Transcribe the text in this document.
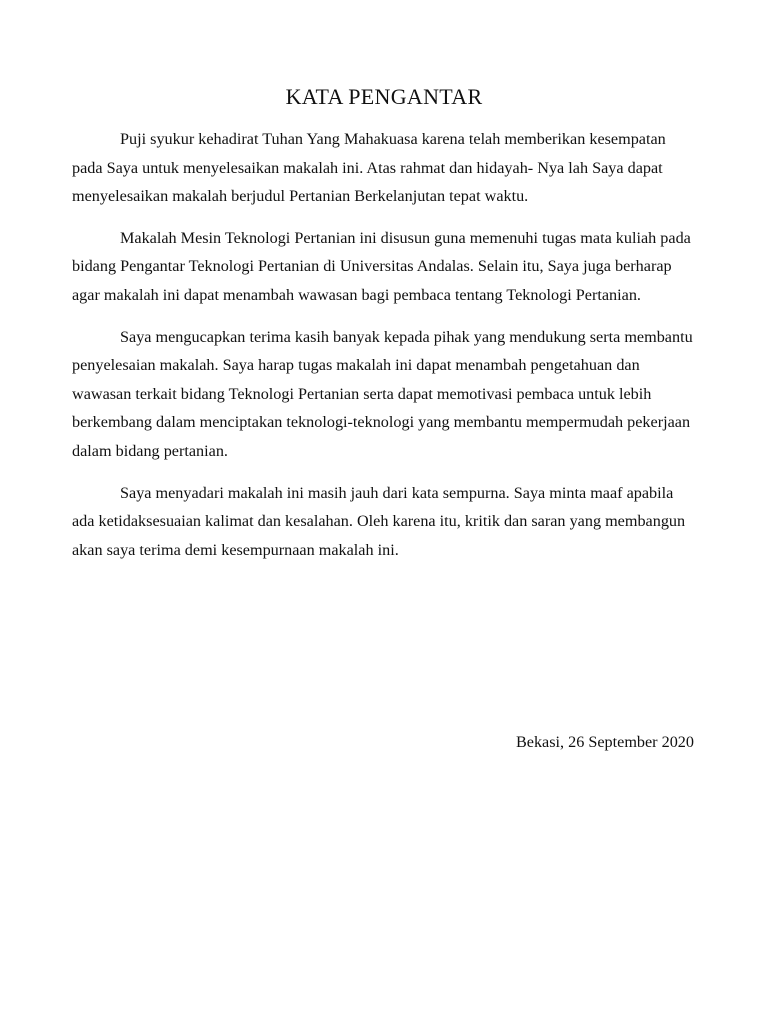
KATA PENGANTAR

Puji syukur kehadirat Tuhan Yang Mahakuasa karena telah memberikan kesempatan pada Saya untuk menyelesaikan makalah ini. Atas rahmat dan hidayah- Nya lah Saya dapat menyelesaikan makalah berjudul Pertanian Berkelanjutan tepat waktu.

Makalah Mesin Teknologi Pertanian ini disusun guna memenuhi tugas mata kuliah pada bidang Pengantar Teknologi Pertanian di Universitas Andalas. Selain itu, Saya juga berharap agar makalah ini dapat menambah wawasan bagi pembaca tentang Teknologi Pertanian.

Saya mengucapkan terima kasih banyak kepada pihak yang mendukung serta membantu penyelesaian makalah. Saya harap tugas makalah ini dapat menambah pengetahuan dan wawasan terkait bidang Teknologi Pertanian serta dapat memotivasi pembaca untuk lebih berkembang dalam menciptakan teknologi-teknologi yang membantu mempermudah pekerjaan dalam bidang pertanian.

Saya menyadari makalah ini masih jauh dari kata sempurna. Saya minta maaf apabila ada ketidaksesuaian kalimat dan kesalahan. Oleh karena itu, kritik dan saran yang membangun akan saya terima demi kesempurnaan makalah ini.

Bekasi, 26 September 2020
